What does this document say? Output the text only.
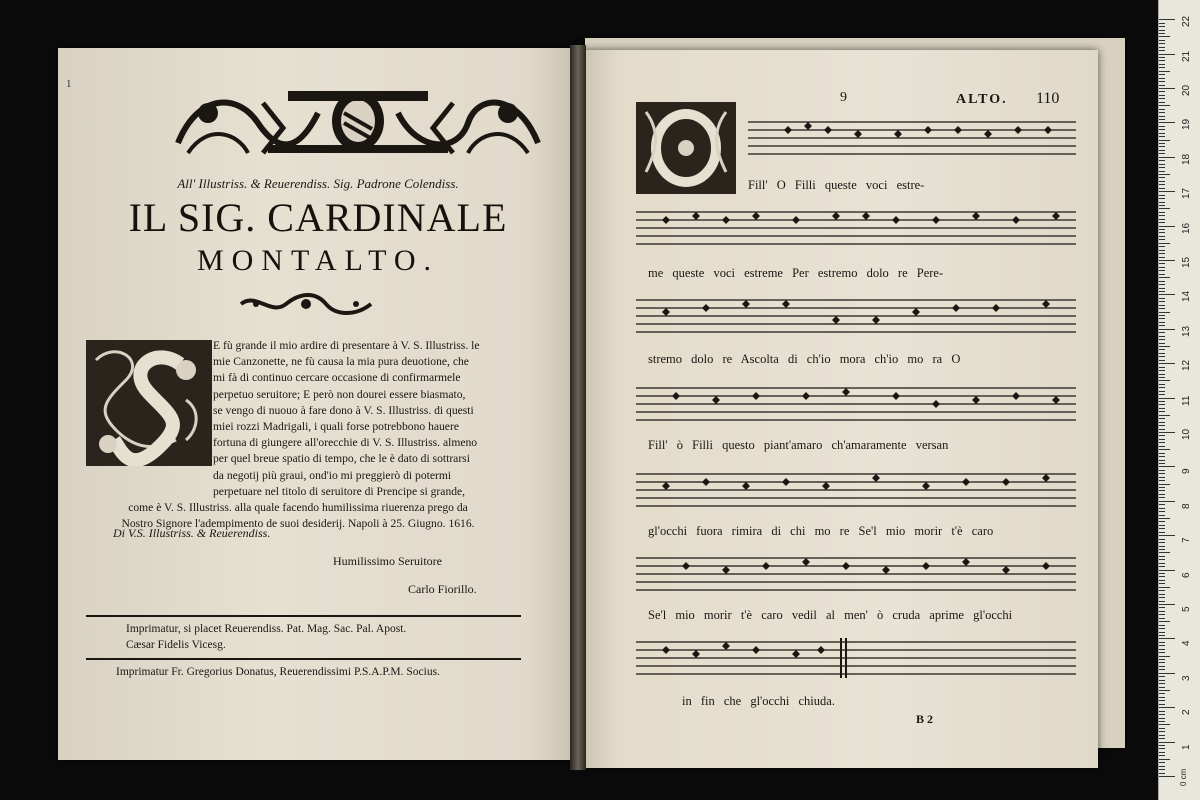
1
All' Illustriss. & Reuerendiss. Sig. Padrone Colendiss.
IL SIG. CARDINALE
MONTALTO.
E fù grande il mio ardire di presentare à V. S. Illustriss. le
mie Canzonette, ne fù causa la mia pura deuotione, che
mi fà di continuo cercare occasione di confirmarmele
perpetuo seruitore; E però non dourei essere biasmato,
se vengo di nuouo à fare dono à V. S. Illustriss. di questi
miei rozzi Madrigali, i quali forse potrebbono hauere
fortuna di giungere all'orecchie di V. S. Illustriss. almeno
per quel breue spatio di tempo, che le è dato di sottrarsi
da negotij più graui, ond'io mi preggierò di potermi
perpetuare nel titolo di seruitore di Prencipe si grande,
come è V. S. Illustriss. alla quale facendo humilissima riuerenza prego da
Nostro Signore l'adempimento de suoi desiderij. Napoli à 25. Giugno. 1616.
Di V.S. Illustriss. & Reuerendiss.
Humilissimo Seruitore
Carlo Fiorillo.
Imprimatur, si placet Reuerendiss. Pat. Mag. Sac. Pal. Apost.
Cæsar Fidelis Vicesg.
Imprimatur Fr. Gregorius Donatus, Reuerendissimi P.S.A.P.M. Socius.
9	ALTO. 110
Fill' O Filli queste voci estre-
me queste voci estreme Per estremo dolo re Pere-
stremo dolo re Ascolta di ch'io mora ch'io mo ra O
Fill' ò Filli questo piant'amaro ch'amaramente versan
gl'occhi fuora rimira di chi mo re Se'l mio morir t'è caro
Se'l mio morir t'è caro vedil al men' ò cruda aprime gl'occhi
in fin che gl'occhi chiuda.
B 2
0 cm
1
2
3
4
5
6
7
8
9
10
11
12
13
14
15
16
17
18
19
20
21
22
